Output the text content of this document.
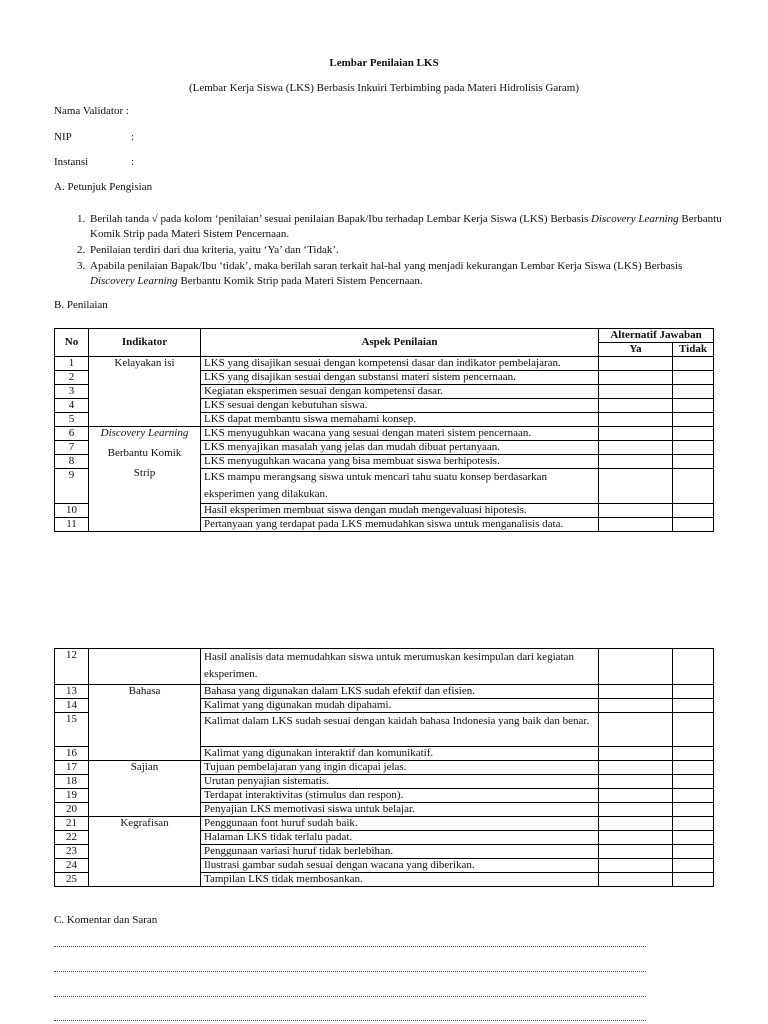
Lembar Penilaian LKS
(Lembar Kerja Siswa (LKS) Berbasis Inkuiri Terbimbing pada Materi Hidrolisis Garam)
Nama Validator :
NIP	:
Instansi	:
A. Petunjuk Pengisian
1. Berilah tanda √ pada kolom ‘penilaian’ sesuai penilaian Bapak/Ibu terhadap Lembar Kerja Siswa (LKS) Berbasis Discovery Learning Berbantu Komik Strip pada Materi Sistem Pencernaan.
2. Penilaian terdiri dari dua kriteria, yaitu ‘Ya’ dan ‘Tidak’.
3. Apabila penilaian Bapak/Ibu ‘tidak’, maka berilah saran terkait hal-hal yang menjadi kekurangan Lembar Kerja Siswa (LKS) Berbasis Discovery Learning Berbantu Komik Strip pada Materi Sistem Pencernaan.
B. Penilaian
No	Indikator	Aspek Penilaian	Alternatif Jawaban	
			Ya	Tidak
1	Kelayakan isi	LKS yang disajikan sesuai dengan kompetensi dasar dan indikator pembelajaran.		
2		LKS yang disajikan sesuai dengan substansi materi sistem pencernaan.		
3		Kegiatan eksperimen sesuai dengan kompetensi dasar.		
4		LKS sesuai dengan kebutuhan siswa.		
5		LKS dapat membantu siswa memahami konsep.		
6	Discovery Learning
Berbantu Komik
Strip	LKS menyuguhkan wacana yang sesuai dengan materi sistem pencernaan.		
7		LKS menyajikan masalah yang jelas dan mudah dibuat pertanyaan.		
8		LKS menyuguhkan wacana yang bisa membuat siswa berhipotesis.		
9		LKS mampu merangsang siswa untuk mencari tahu suatu konsep berdasarkan eksperimen yang dilakukan.		
10		Hasil eksperimen membuat siswa dengan mudah mengevaluasi hipotesis.		
11		Pertanyaan yang terdapat pada LKS memudahkan siswa untuk menganalisis data.		
12		Hasil analisis data memudahkan siswa untuk merumuskan kesimpulan dari kegiatan eksperimen.		
13	Bahasa	Bahasa yang digunakan dalam LKS sudah efektif dan efisien.		
14		Kalimat yang digunakan mudah dipahami.		
15		Kalimat dalam LKS sudah sesuai dengan kaidah bahasa Indonesia yang baik dan benar.		
16		Kalimat yang digunakan interaktif dan komunikatif.		
17	Sajian	Tujuan pembelajaran yang ingin dicapai jelas.		
18		Urutan penyajian sistematis.		
19		Terdapat interaktivitas (stimulus dan respon).		
20		Penyajian LKS memotivasi siswa untuk belajar.		
21	Kegrafisan	Penggunaan font huruf sudah baik.		
22		Halaman LKS tidak terlalu padat.		
23		Penggunaan variasi huruf tidak berlebihan.		
24		Ilustrasi gambar sudah sesuai dengan wacana yang diberikan.		
25		Tampilan LKS tidak membosankan.		
C. Komentar dan Saran
